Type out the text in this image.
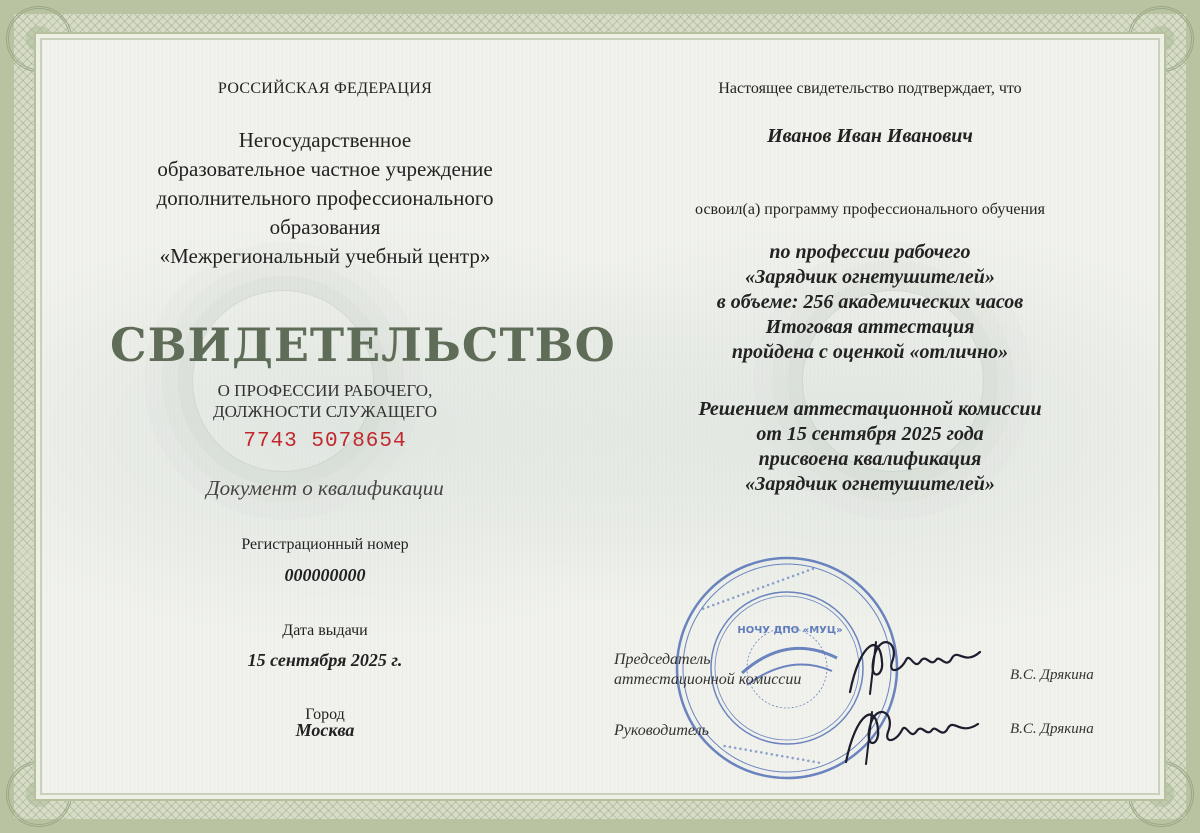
РОССИЙСКАЯ ФЕДЕРАЦИЯ
Негосударственное
образовательное частное учреждение
дополнительного профессионального
образования
«Межрегиональный учебный центр»
СВИДЕТЕЛЬСТВО
О ПРОФЕССИИ РАБОЧЕГО,
ДОЛЖНОСТИ СЛУЖАЩЕГО
7743 5078654
Документ о квалификации
Регистрационный номер
000000000
Дата выдачи
15 сентября 2025 г.
Город
Москва
Настоящее свидетельство подтверждает, что
Иванов Иван Иванович
освоил(а) программу профессионального обучения
по профессии рабочего
«Зарядчик огнетушителей»
в объеме: 256 академических часов
Итоговая аттестация
пройдена с оценкой «отлично»
Решением аттестационной комиссии
от 15 сентября 2025 года
присвоена квалификация
«Зарядчик огнетушителей»
•••••••••••••••••••••••
•••••••••••••••••••
НОЧУ ДПО «МУЦ»
Председатель
аттестационной комиссии	В.С. Дрякина
Руководитель	В.С. Дрякина
